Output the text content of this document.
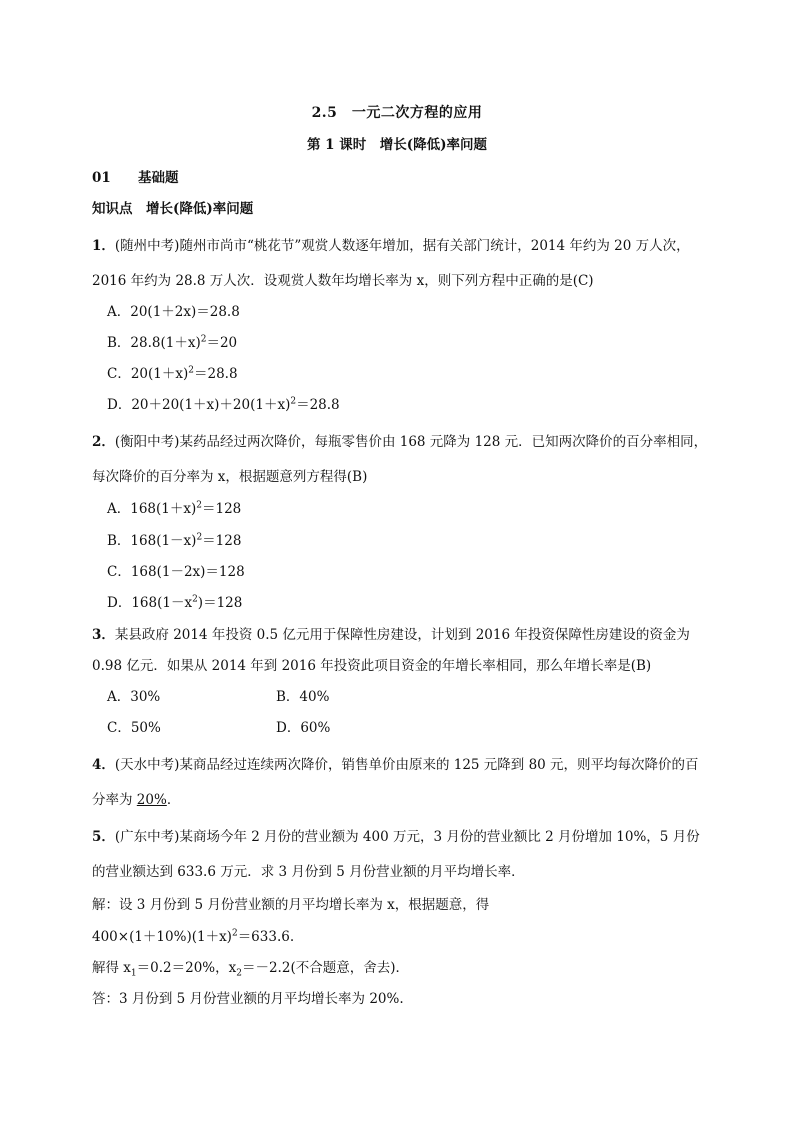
2.5　一元二次方程的应用
第 1 课时　增长(降低)率问题
01 基础题
知识点　增长(降低)率问题
1．(随州中考)随州市尚市“桃花节”观赏人数逐年增加，据有关部门统计，2014 年约为 20 万人次，
2016 年约为 28.8 万人次．设观赏人数年均增长率为 x，则下列方程中正确的是(C)
A．20(1＋2x)＝28.8
B．$28.8(1+x)^2=20$
C．$20(1+x)^2=28.8$
D．$20+20(1+x)+20(1+x)^2=28.8$
2．(衡阳中考)某药品经过两次降价，每瓶零售价由 168 元降为 128 元．已知两次降价的百分率相同，
每次降价的百分率为 x，根据题意列方程得(B)
A．$168(1+x)^2=128$
B．$168(1-x)^2=128$
C．168(1－2x)＝128
D．$168(1-x^2)=128$
3．某县政府 2014 年投资 0.5 亿元用于保障性房建设，计划到 2016 年投资保障性房建设的资金为
0.98 亿元．如果从 2014 年到 2016 年投资此项目资金的年增长率相同，那么年增长率是(B)
A．30%	B．40%
C．50%	D．60%
4．(天水中考)某商品经过连续两次降价，销售单价由原来的 125 元降到 80 元，则平均每次降价的百
分率为 20%．
5．(广东中考)某商场今年 2 月份的营业额为 400 万元，3 月份的营业额比 2 月份增加 10%，5 月份
的营业额达到 633.6 万元．求 3 月份到 5 月份营业额的月平均增长率．
解：设 3 月份到 5 月份营业额的月平均增长率为 x，根据题意，得
$400\times(1+10\%)(1+x)^2=633.6$.
解得 $x_1=0.2=20\%$，$x_2=-2.2$(不合题意，舍去)．
答：3 月份到 5 月份营业额的月平均增长率为 20%.
